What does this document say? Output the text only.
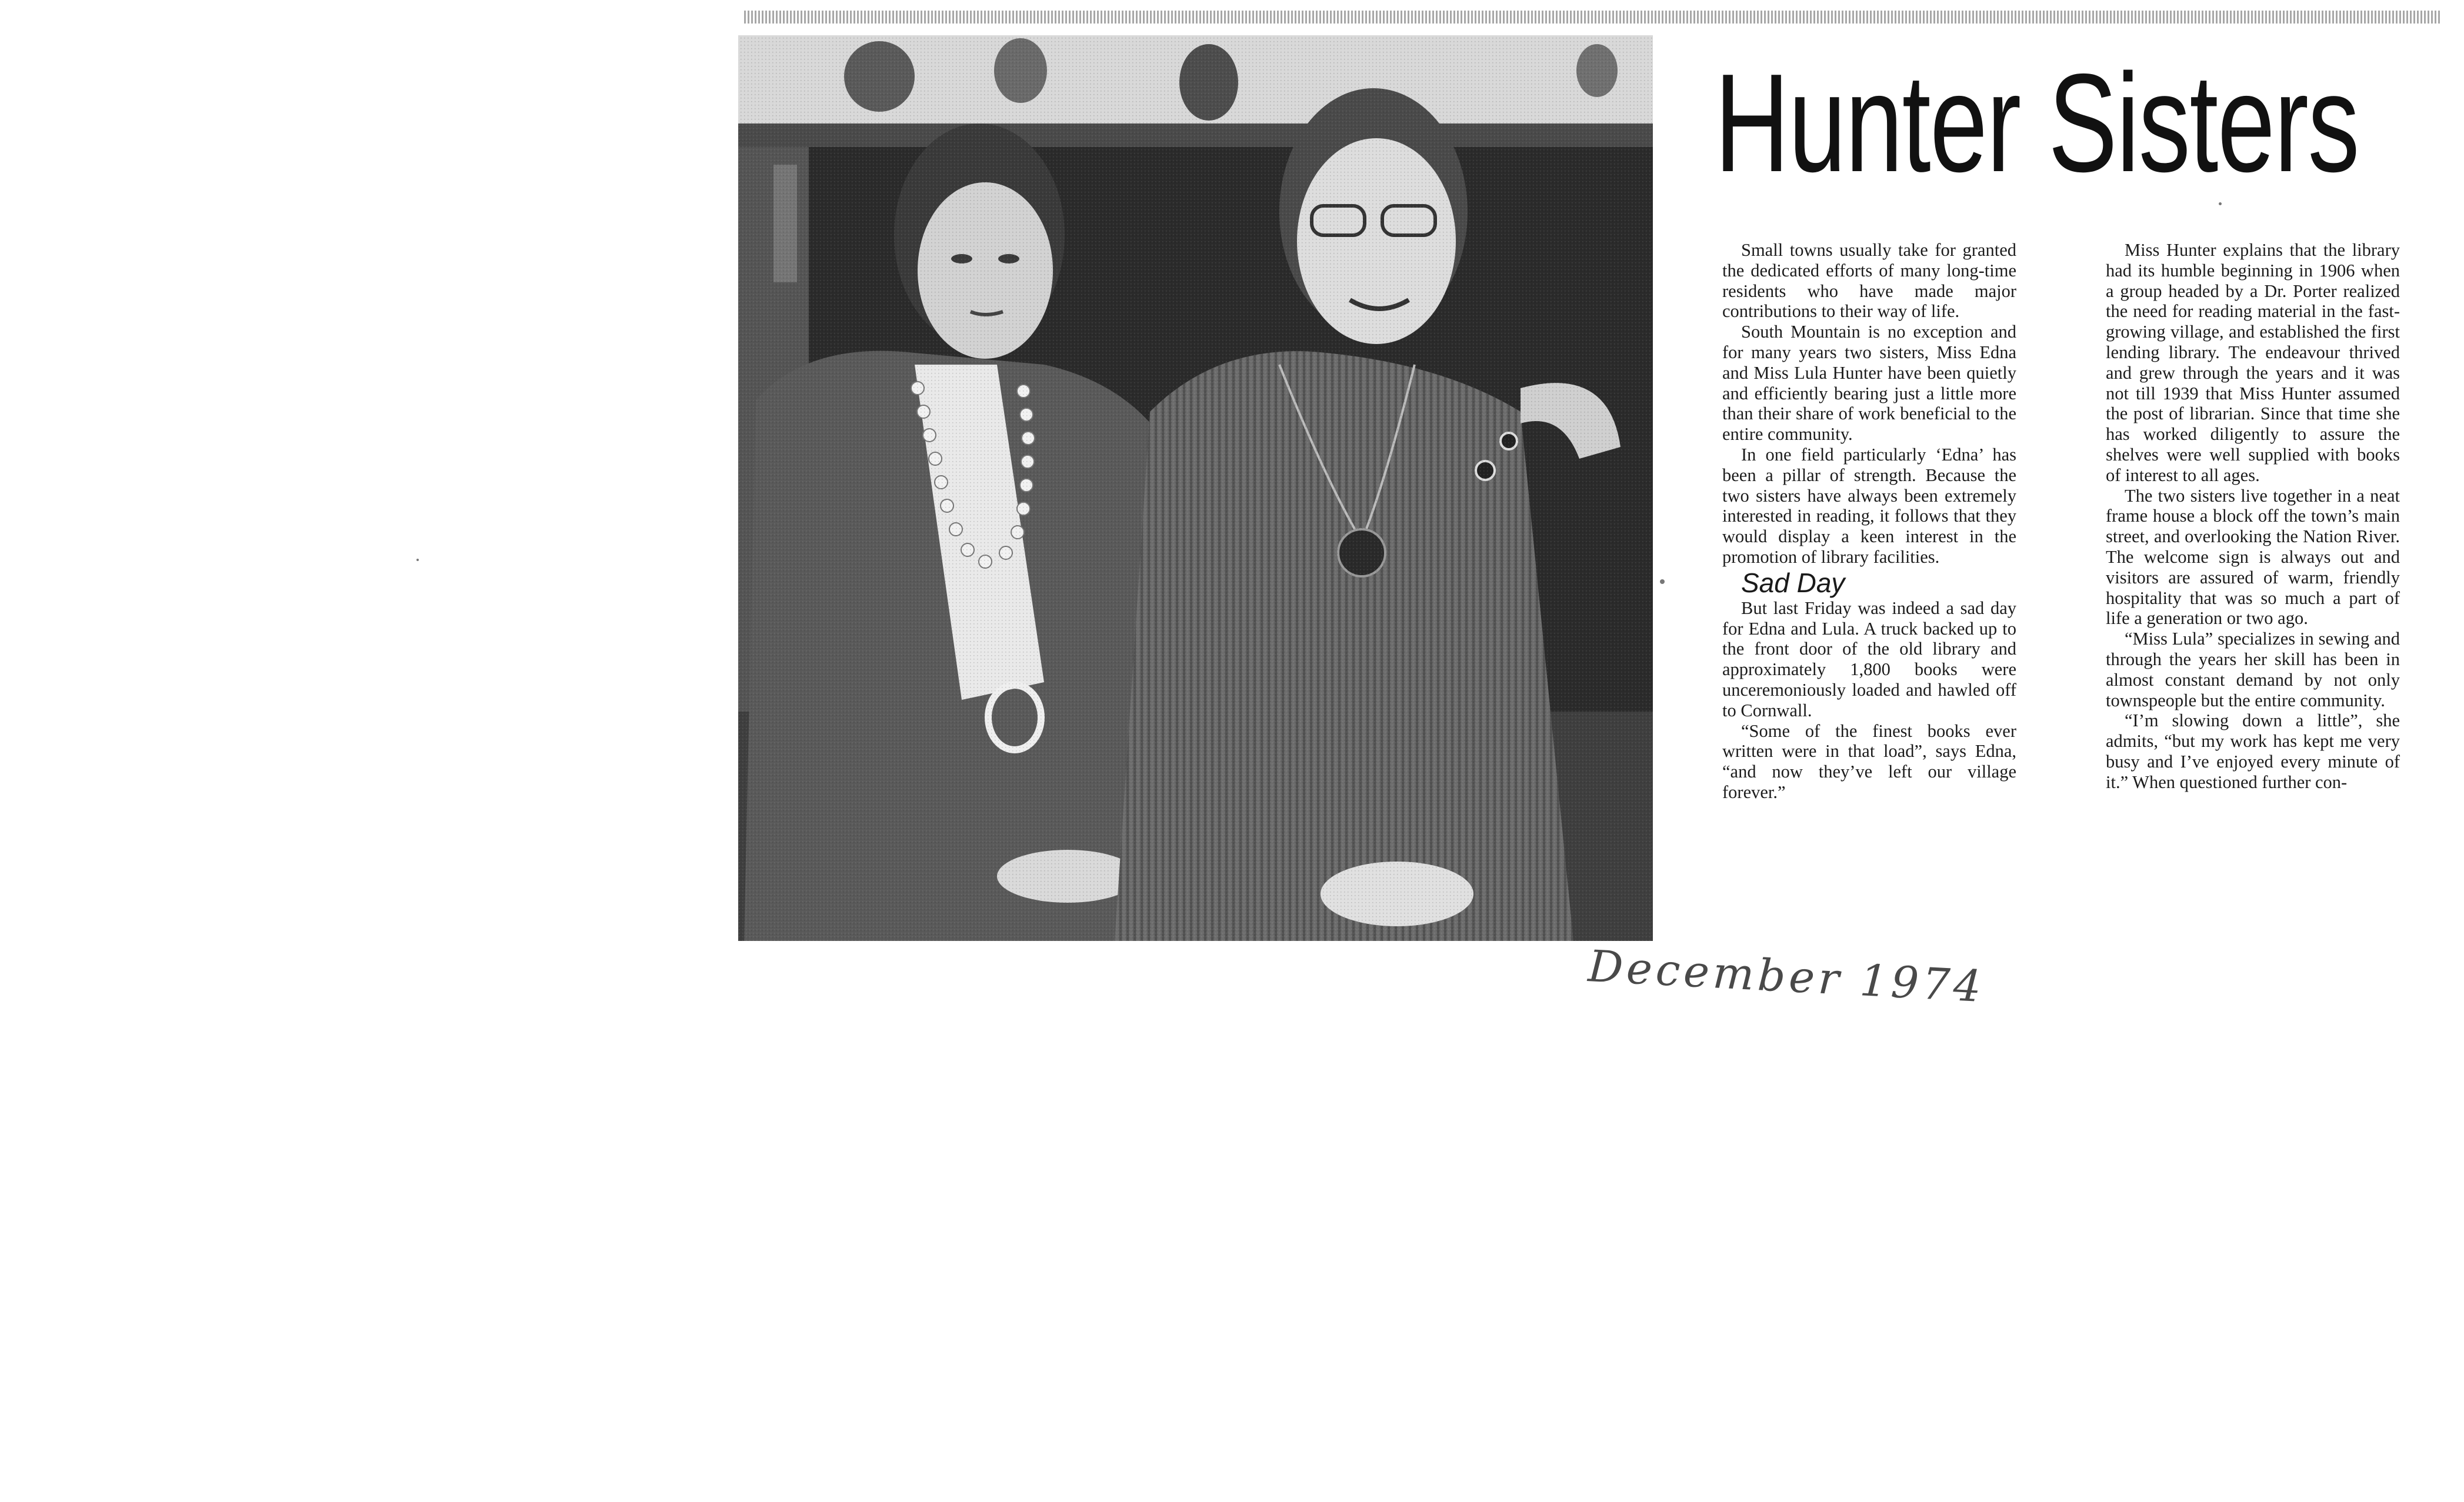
Hunter Sisters

Small towns usually take for granted the dedicated efforts of many long-time residents who have made major contributions to their way of life.

South Mountain is no exception and for many years two sisters, Miss Edna and Miss Lula Hunter have been quietly and efficiently bearing just a little more than their share of work beneficial to the entire community.

In one field particularly ‘Edna’ has been a pillar of strength. Because the two sisters have always been extremely interested in reading, it follows that they would display a keen interest in the promotion of library facilities.

Sad Day

But last Friday was indeed a sad day for Edna and Lula. A truck backed up to the front door of the old library and approximately 1,800 books were unceremoniously loaded and hawled off to Cornwall.

“Some of the finest books ever written were in that load”, says Edna, “and now they’ve left our village forever.”

Miss Hunter explains that the library had its humble beginning in 1906 when a group headed by a Dr. Porter realized the need for reading material in the fast-growing village, and established the first lending library. The endeavour thrived and grew through the years and it was not till 1939 that Miss Hunter assumed the post of librarian. Since that time she has worked diligently to assure the shelves were well supplied with books of interest to all ages.

The two sisters live together in a neat frame house a block off the town’s main street, and overlooking the Nation River. The welcome sign is always out and visitors are assured of warm, friendly hospitality that was so much a part of life a generation or two ago.

“Miss Lula” specializes in sewing and through the years her skill has been in almost constant demand by not only townspeople but the entire community.

“I’m slowing down a little”, she admits, “but my work has kept me very busy and I’ve enjoyed every minute of it.” When questioned further con-

December 1974
